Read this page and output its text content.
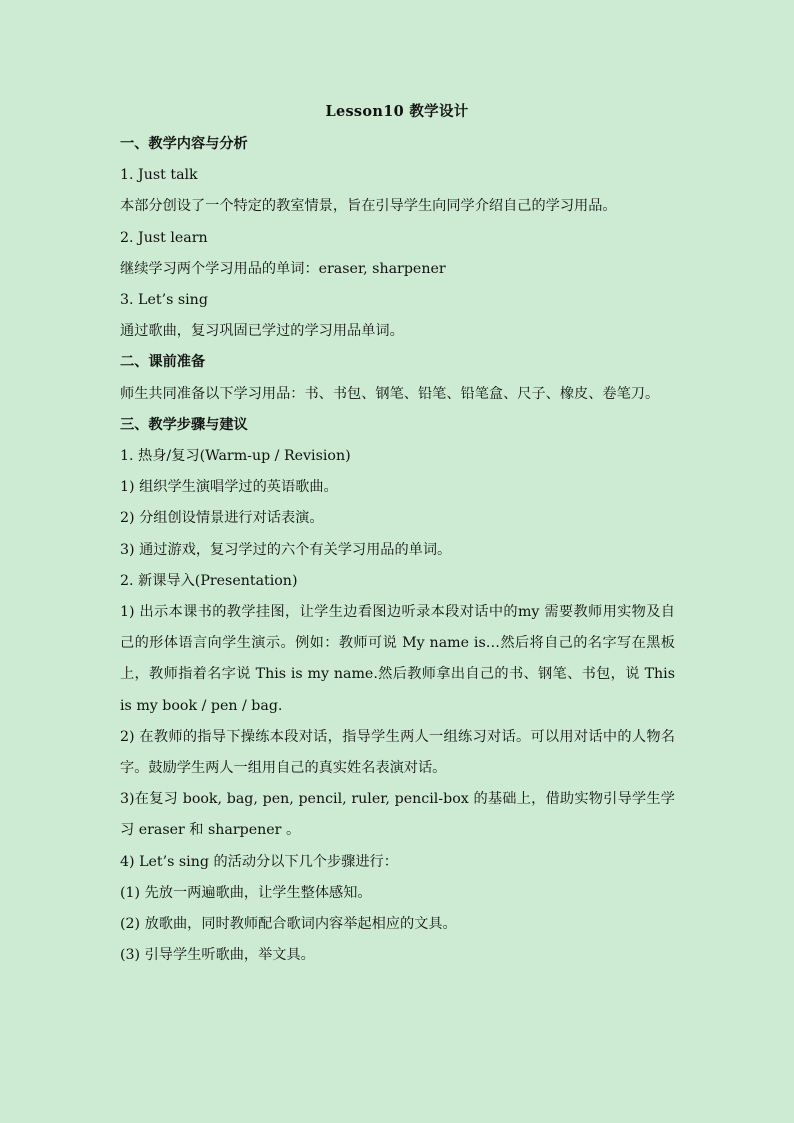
Lesson10 教学设计

一、教学内容与分析

1. Just talk

本部分创设了一个特定的教室情景，旨在引导学生向同学介绍自己的学习用品。

2. Just learn

继续学习两个学习用品的单词：eraser, sharpener

3. Let’s sing

通过歌曲，复习巩固已学过的学习用品单词。

二、课前准备

师生共同准备以下学习用品：书、书包、钢笔、铅笔、铅笔盒、尺子、橡皮、卷笔刀。

三、教学步骤与建议

1. 热身/复习(Warm-up / Revision)

1) 组织学生演唱学过的英语歌曲。

2) 分组创设情景进行对话表演。

3) 通过游戏，复习学过的六个有关学习用品的单词。

2. 新课导入(Presentation)

1) 出示本课书的教学挂图，让学生边看图边听录本段对话中的my 需要教师用实物及自己的形体语言向学生演示。例如：教师可说 My name is…然后将自己的名字写在黑板上，教师指着名字说 This is my name.然后教师拿出自己的书、钢笔、书包，说 This is my book / pen / bag.

2) 在教师的指导下操练本段对话，指导学生两人一组练习对话。可以用对话中的人物名字。鼓励学生两人一组用自己的真实姓名表演对话。

3)在复习 book, bag, pen, pencil, ruler, pencil-box 的基础上，借助实物引导学生学习 eraser 和 sharpener 。

4) Let’s sing 的活动分以下几个步骤进行：

(1) 先放一两遍歌曲，让学生整体感知。

(2) 放歌曲，同时教师配合歌词内容举起相应的文具。

(3) 引导学生听歌曲，举文具。
